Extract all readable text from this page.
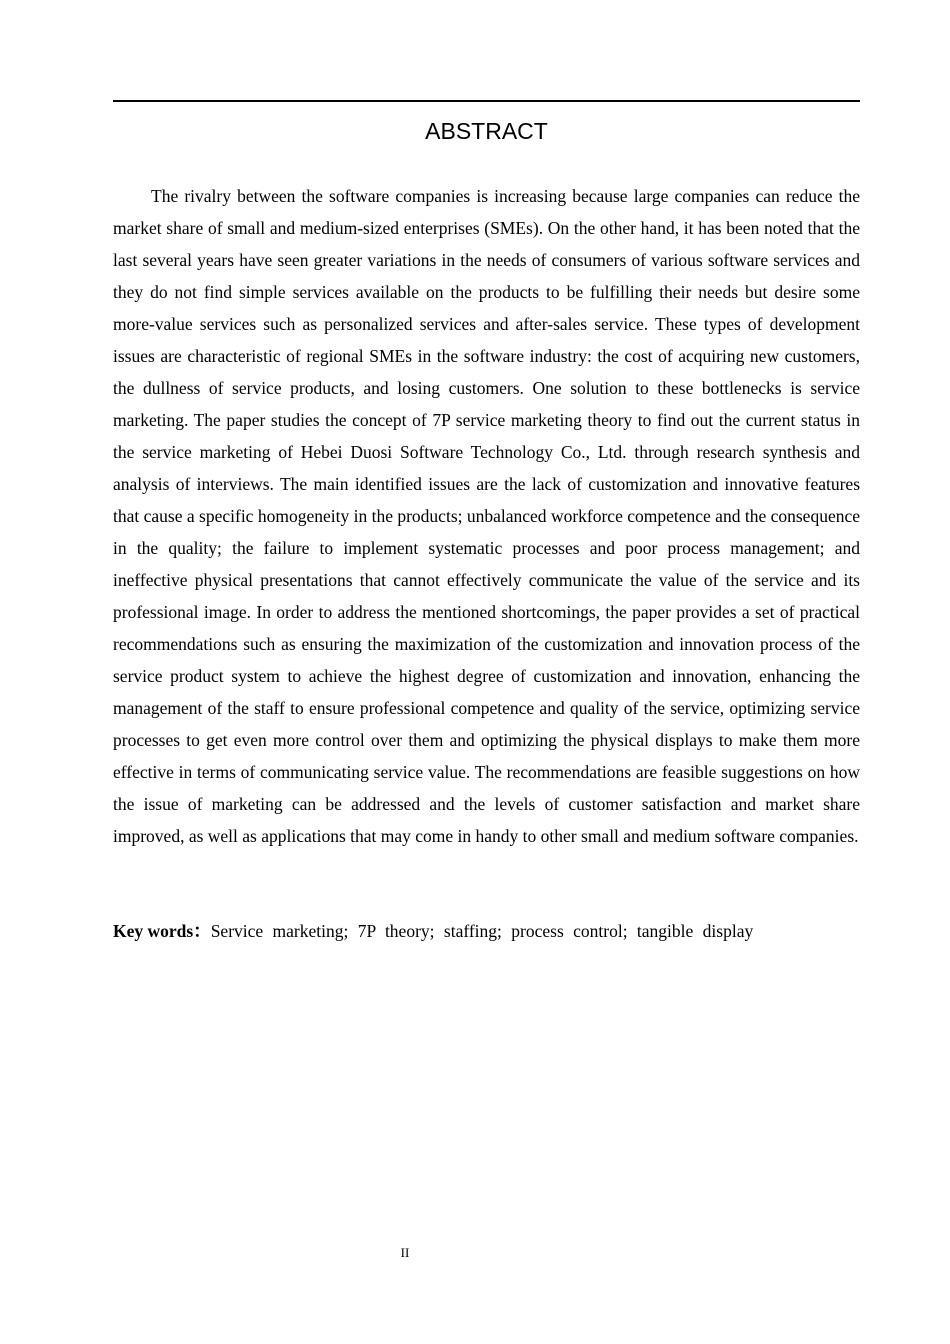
ABSTRACT

The rivalry between the software companies is increasing because large companies can reduce the market share of small and medium-sized enterprises (SMEs). On the other hand, it has been noted that the last several years have seen greater variations in the needs of consumers of various software services and they do not find simple services available on the products to be fulfilling their needs but desire some more-value services such as personalized services and after-sales service. These types of development issues are characteristic of regional SMEs in the software industry: the cost of acquiring new customers, the dullness of service products, and losing customers. One solution to these bottlenecks is service marketing. The paper studies the concept of 7P service marketing theory to find out the current status in the service marketing of Hebei Duosi Software Technology Co., Ltd. through research synthesis and analysis of interviews. The main identified issues are the lack of customization and innovative features that cause a specific homogeneity in the products; unbalanced workforce competence and the consequence in the quality; the failure to implement systematic processes and poor process management; and ineffective physical presentations that cannot effectively communicate the value of the service and its professional image. In order to address the mentioned shortcomings, the paper provides a set of practical recommendations such as ensuring the maximization of the customization and innovation process of the service product system to achieve the highest degree of customization and innovation, enhancing the management of the staff to ensure professional competence and quality of the service, optimizing service processes to get even more control over them and optimizing the physical displays to make them more effective in terms of communicating service value. The recommendations are feasible suggestions on how the issue of marketing can be addressed and the levels of customer satisfaction and market share improved, as well as applications that may come in handy to other small and medium software companies.

Key words：Service marketing; 7P theory; staffing; process control; tangible display
II
